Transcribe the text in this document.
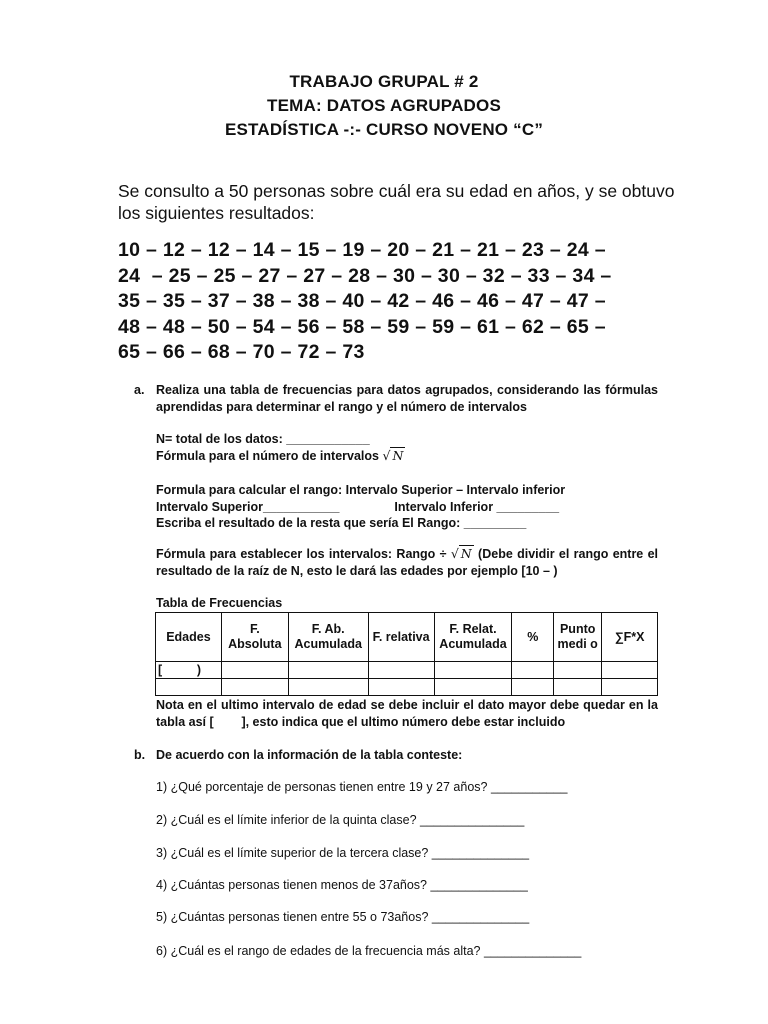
TRABAJO GRUPAL # 2
TEMA: DATOS AGRUPADOS
ESTADÍSTICA -:- CURSO NOVENO “C”
Se consulto a 50 personas sobre cuál era su edad en años, y se obtuvo
los siguientes resultados:
10 – 12 – 12 – 14 – 15 – 19 – 20 – 21 – 21 – 23 – 24 –
24  – 25 – 25 – 27 – 27 – 28 – 30 – 30 – 32 – 33 – 34 –
35 – 35 – 37 – 38 – 38 – 40 – 42 – 46 – 46 – 47 – 47 –
48 – 48 – 50 – 54 – 56 – 58 – 59 – 59 – 61 – 62 – 65 –
65 – 66 – 68 – 70 – 72 – 73
a. Realiza una tabla de frecuencias para datos agrupados, considerando las fórmulas aprendidas para determinar el rango y el número de intervalos
N= total de los datos: ____________
Fórmula para el número de intervalos √ N
Formula para calcular el rango: Intervalo Superior – Intervalo inferior
Intervalo Superior___________	Intervalo Inferior _________
Escriba el resultado de la resta que sería El Rango: _________
Fórmula para establecer los intervalos: Rango ÷ √ N (Debe dividir el rango entre el resultado de la raíz de N, esto le dará las edades por ejemplo [10 – )
Tabla de Frecuencias
Edades	F. Absoluta	F. Ab. Acumulada	F. relativa	F. Relat. Acumulada	%	Punto medi o	∑F*X
[          )							

Nota en el ultimo intervalo de edad se debe incluir el dato mayor debe quedar en la tabla así [        ], esto indica que el ultimo número debe estar incluido
b. De acuerdo con la información de la tabla conteste:
1) ¿Qué porcentaje de personas tienen entre 19 y 27 años? ___________
2) ¿Cuál es el límite inferior de la quinta clase? _______________
3) ¿Cuál es el límite superior de la tercera clase? ______________
4) ¿Cuántas personas tienen menos de 37años? ______________
5) ¿Cuántas personas tienen entre 55 o 73años? ______________
6) ¿Cuál es el rango de edades de la frecuencia más alta? ______________
